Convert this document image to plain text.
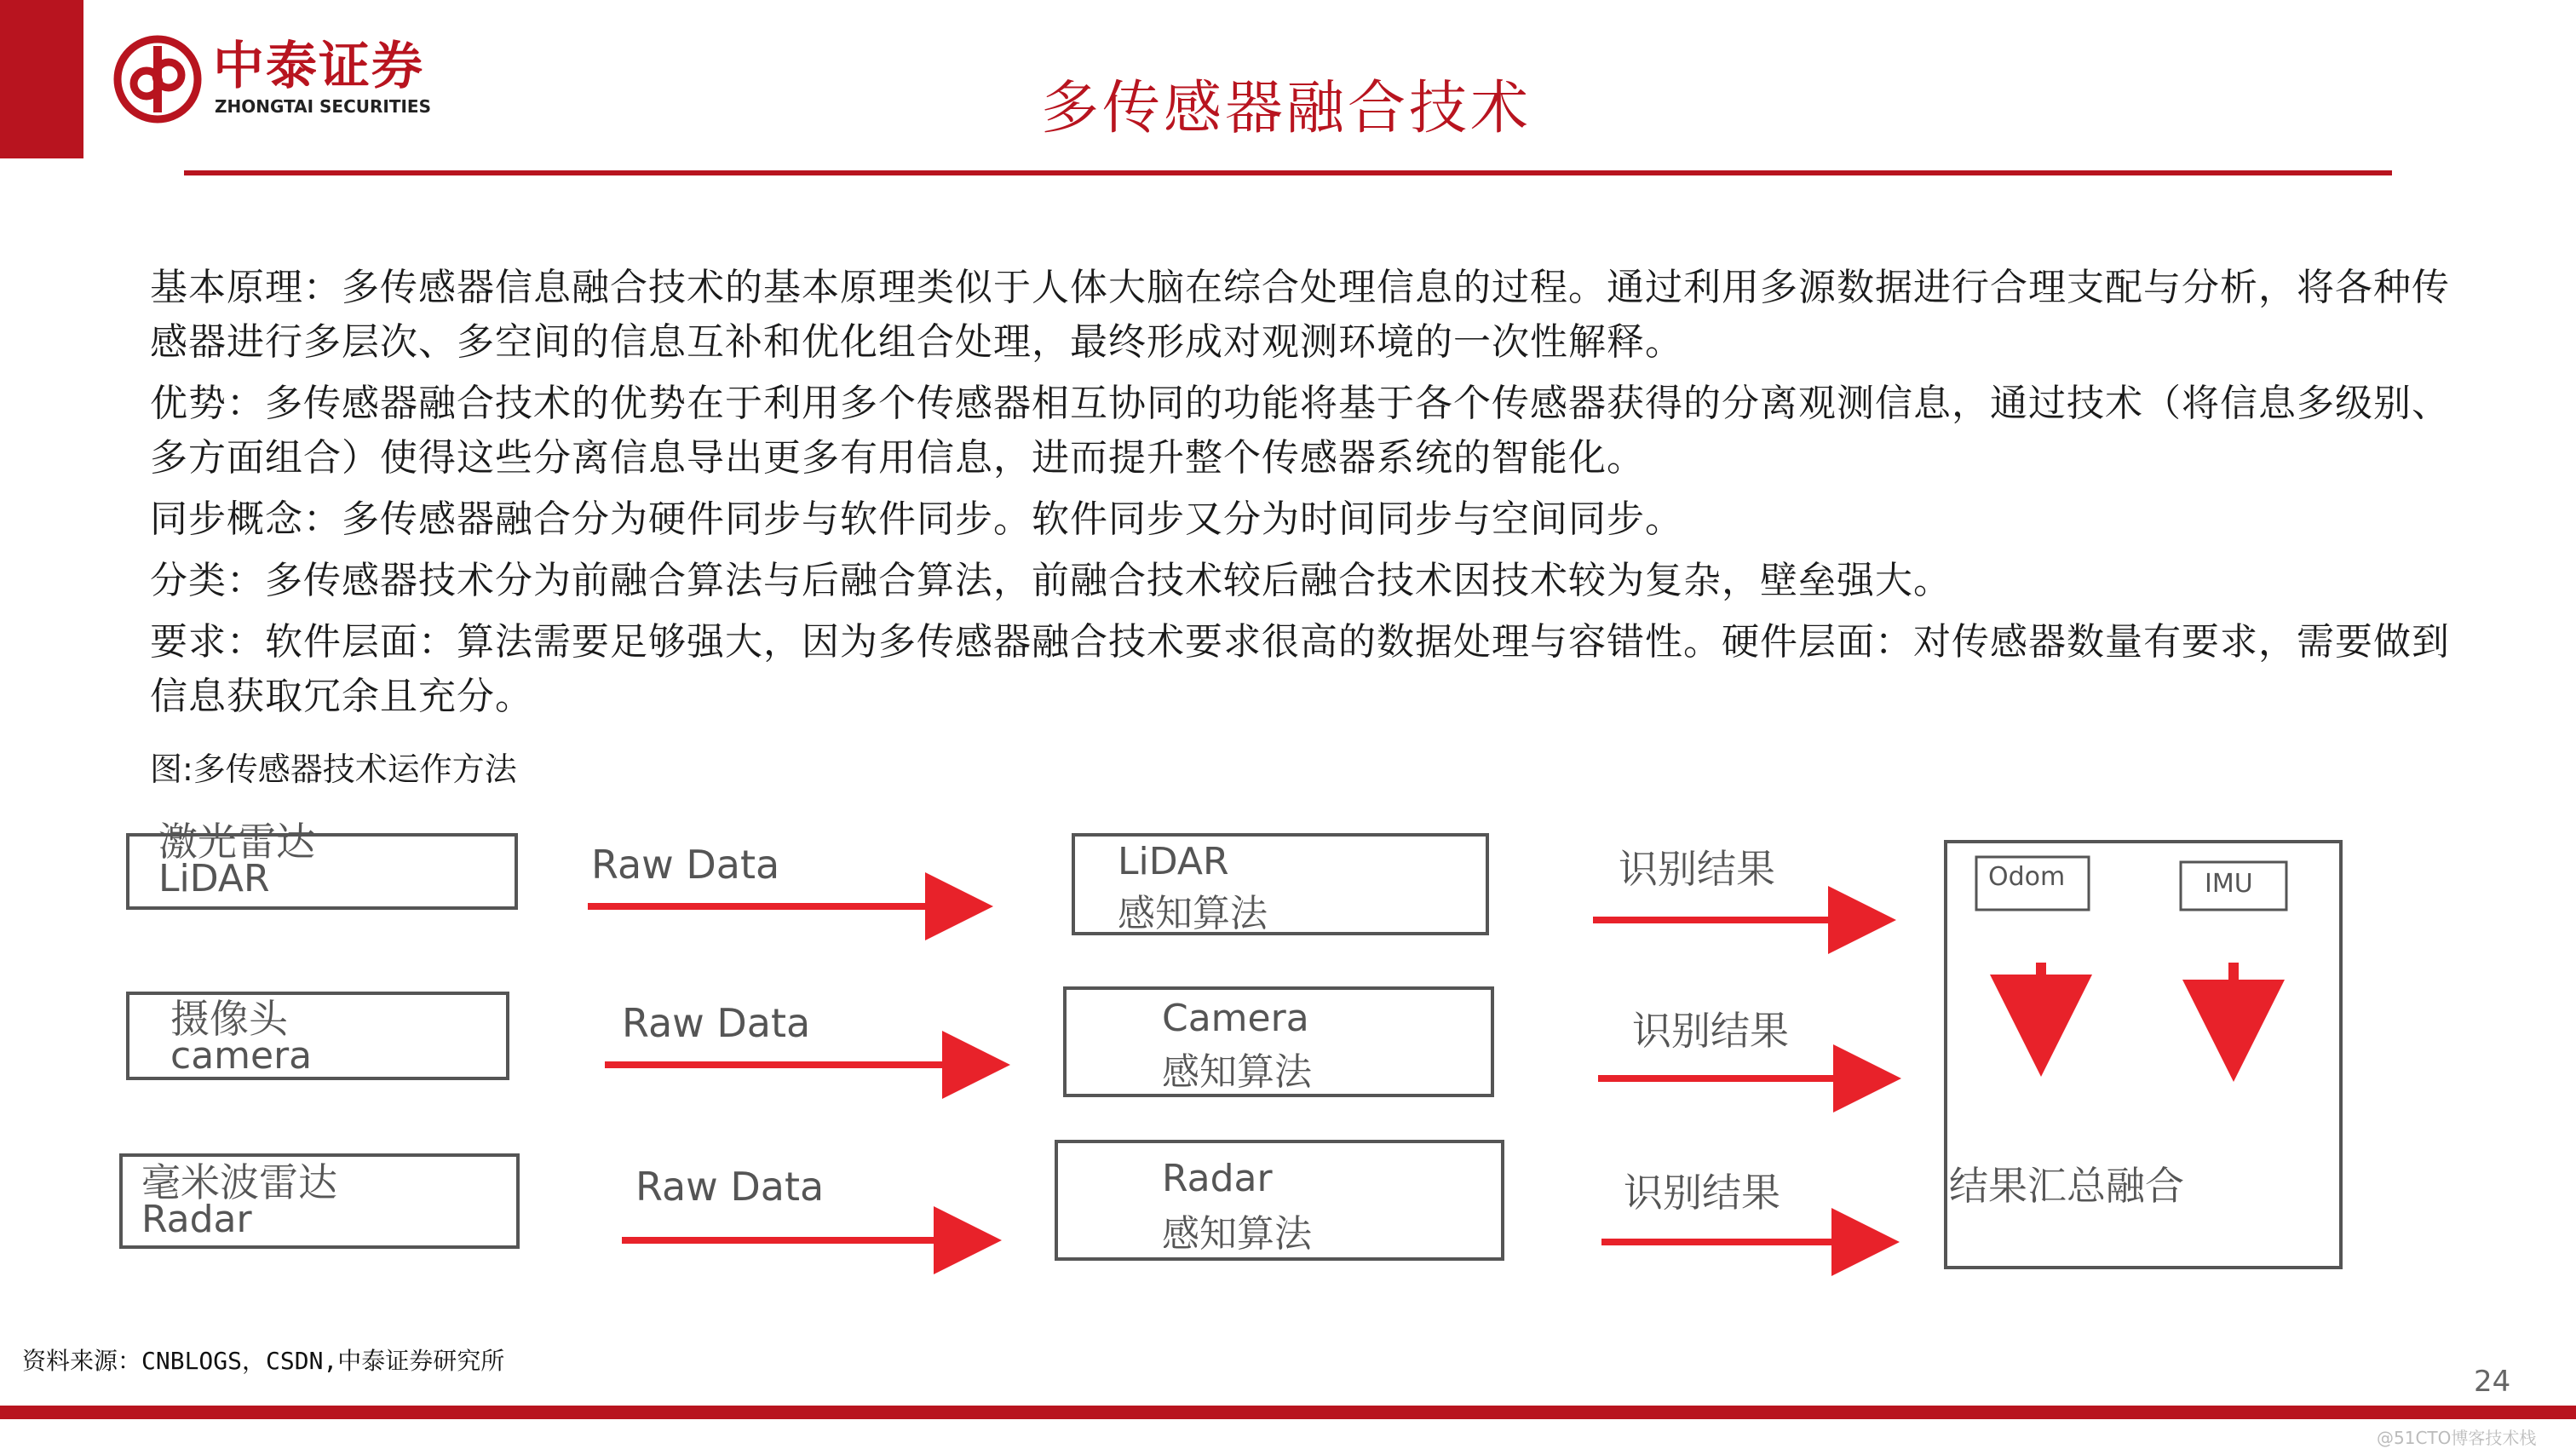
中泰证券
ZHONGTAI SECURITIES	多传感器融合技术

基本原理：多传感器信息融合技术的基本原理类似于人体大脑在综合处理信息的过程。通过利用多源数据进行合理支配与分析，将各种传感器进行多层次、多空间的信息互补和优化组合处理，最终形成对观测环境的一次性解释。

优势：多传感器融合技术的优势在于利用多个传感器相互协同的功能将基于各个传感器获得的分离观测信息，通过技术（将信息多级别、多方面组合）使得这些分离信息导出更多有用信息，进而提升整个传感器系统的智能化。

同步概念：多传感器融合分为硬件同步与软件同步。软件同步又分为时间同步与空间同步。

分类：多传感器技术分为前融合算法与后融合算法，前融合技术较后融合技术因技术较为复杂，壁垒强大。

要求：软件层面：算法需要足够强大，因为多传感器融合技术要求很高的数据处理与容错性。硬件层面：对传感器数量有要求，需要做到信息获取冗余且充分。

图:多传感器技术运作方法
激光雷达
LiDAR
摄像头
camera
毫米波雷达
Radar
Raw Data
Raw Data
Raw Data
LiDAR
感知算法
Camera
感知算法
Radar
感知算法
识别结果
识别结果
识别结果
Odom	IMU
结果汇总融合
资料来源：CNBLOGS，CSDN,中泰证券研究所
24
@51CTO博客技术栈
